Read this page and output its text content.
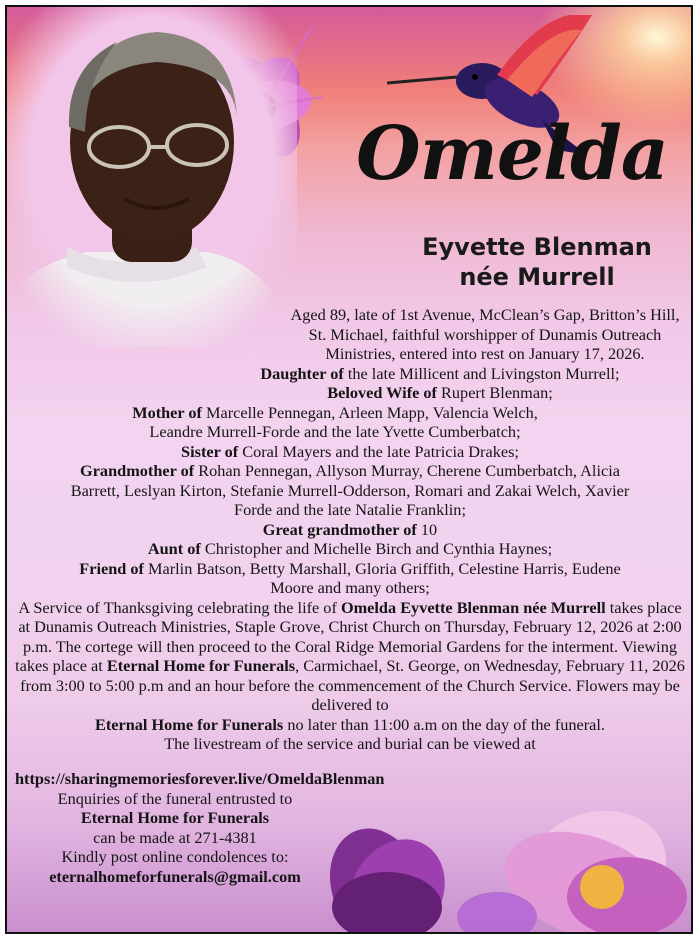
Omelda
Eyvette Blenman
née Murrell
Aged 89, late of 1st Avenue, McClean’s Gap, Britton’s Hill, St. Michael, faithful worshipper of Dunamis Outreach Ministries, entered into rest on January 17, 2026.
Daughter of the late Millicent and Livingston Murrell;
Beloved Wife of Rupert Blenman;
Mother of Marcelle Pennegan, Arleen Mapp, Valencia Welch, Leandre Murrell-Forde and the late Yvette Cumberbatch;
Sister of Coral Mayers and the late Patricia Drakes;
Grandmother of Rohan Pennegan, Allyson Murray, Cherene Cumberbatch, Alicia Barrett, Leslyan Kirton, Stefanie Murrell-Odderson, Romari and Zakai Welch, Xavier Forde and the late Natalie Franklin;
Great grandmother of 10
Aunt of Christopher and Michelle Birch and Cynthia Haynes;
Friend of Marlin Batson, Betty Marshall, Gloria Griffith, Celestine Harris, Eudene Moore and many others;
A Service of Thanksgiving celebrating the life of Omelda Eyvette Blenman née Murrell takes place at Dunamis Outreach Ministries, Staple Grove, Christ Church on Thursday, February 12, 2026 at 2:00 p.m. The cortege will then proceed to the Coral Ridge Memorial Gardens for the interment. Viewing takes place at Eternal Home for Funerals, Carmichael, St. George, on Wednesday, February 11, 2026 from 3:00 to 5:00 p.m and an hour before the commencement of the Church Service. Flowers may be delivered to
Eternal Home for Funerals no later than 11:00 a.m on the day of the funeral.
The livestream of the service and burial can be viewed at
https://sharingmemoriesforever.live/OmeldaBlenman
Enquiries of the funeral entrusted to
Eternal Home for Funerals
can be made at 271-4381
Kindly post online condolences to:
eternalhomeforfunerals@gmail.com
